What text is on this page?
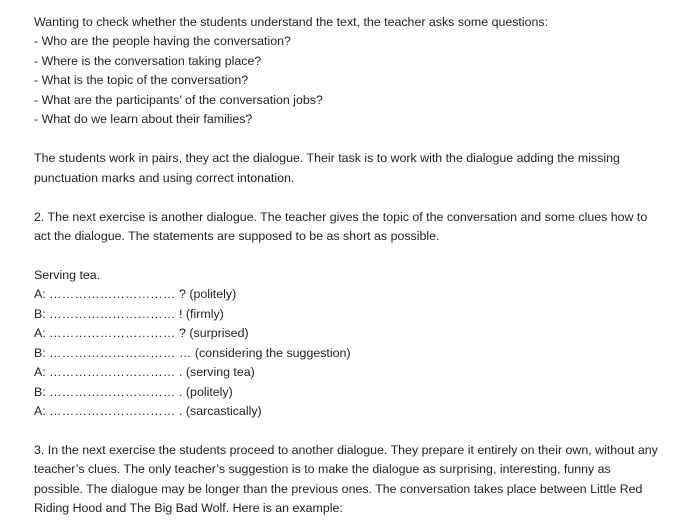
Wanting to check whether the students understand the text, the teacher asks some questions:
- Who are the people having the conversation?
- Where is the conversation taking place?
- What is the topic of the conversation?
- What are the participants’ of the conversation jobs?
- What do we learn about their families?
The students work in pairs, they act the dialogue. Their task is to work with the dialogue adding the missing punctuation marks and using correct intonation.
2. The next exercise is another dialogue. The teacher gives the topic of the conversation and some clues how to act the dialogue. The statements are supposed to be as short as possible.
Serving tea.
A: ………………………… ? (politely)
B: ………………………… ! (firmly)
A: ………………………… ? (surprised)
B: ………………………… … (considering the suggestion)
A: ………………………… . (serving tea)
B: ………………………… . (politely)
A: ………………………… . (sarcastically)
3. In the next exercise the students proceed to another dialogue. They prepare it entirely on their own, without any teacher’s clues. The only teacher’s suggestion is to make the dialogue as surprising, interesting, funny as possible. The dialogue may be longer than the previous ones. The conversation takes place between Little Red Riding Hood and The Big Bad Wolf. Here is an example:
